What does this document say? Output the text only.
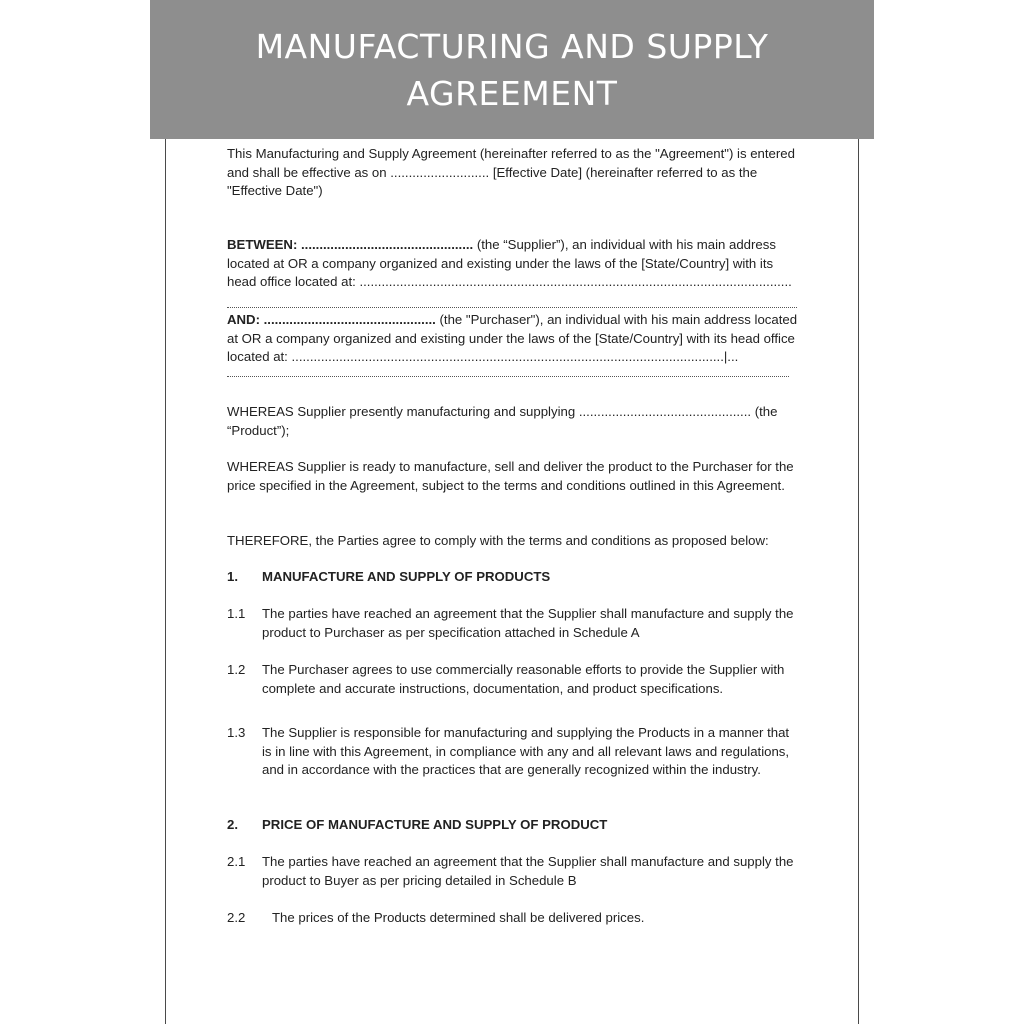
MANUFACTURING AND SUPPLY
AGREEMENT

This Manufacturing and Supply Agreement (hereinafter referred to as the "Agreement") is entered and shall be effective as on ........................... [Effective Date] (hereinafter referred to as the "Effective Date")

BETWEEN: ............................................... (the “Supplier”), an individual with his main address located at OR a company organized and existing under the laws of the [State/Country] with its head office located at: ......................................................................................................................

AND: ............................................... (the "Purchaser"), an individual with his main address located at OR a company organized and existing under the laws of the [State/Country] with its head office located at: ......................................................................................................................|...

WHEREAS Supplier presently manufacturing and supplying ............................................... (the “Product”);

WHEREAS Supplier is ready to manufacture, sell and deliver the product to the Purchaser for the price specified in the Agreement, subject to the terms and conditions outlined in this Agreement.

THEREFORE, the Parties agree to comply with the terms and conditions as proposed below:

1.	MANUFACTURE AND SUPPLY OF PRODUCTS
1.1	The parties have reached an agreement that the Supplier shall manufacture and supply the product to Purchaser as per specification attached in Schedule A
1.2	The Purchaser agrees to use commercially reasonable efforts to provide the Supplier with complete and accurate instructions, documentation, and product specifications.
1.3	The Supplier is responsible for manufacturing and supplying the Products in a manner that is in line with this Agreement, in compliance with any and all relevant laws and regulations, and in accordance with the practices that are generally recognized within the industry.
2.	PRICE OF MANUFACTURE AND SUPPLY OF PRODUCT
2.1	The parties have reached an agreement that the Supplier shall manufacture and supply the product to Buyer as per pricing detailed in Schedule B
2.2	The prices of the Products determined shall be delivered prices.
